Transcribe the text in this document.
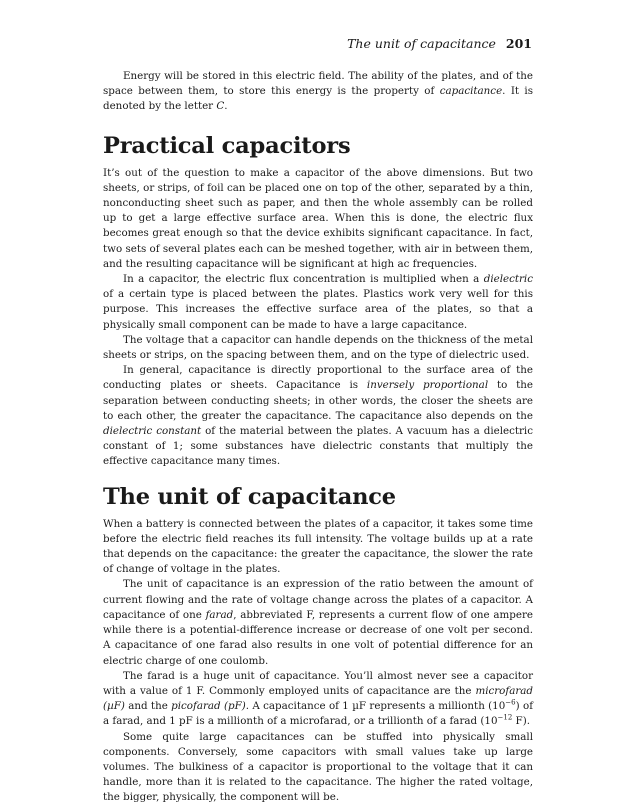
The unit of capacitance 201

Energy will be stored in this electric field. The ability of the plates, and of the space between them, to store this energy is the property of capacitance. It is denoted by the letter C.

Practical capacitors

It’s out of the question to make a capacitor of the above dimensions. But two sheets, or strips, of foil can be placed one on top of the other, separated by a thin, nonconducting sheet such as paper, and then the whole assembly can be rolled up to get a large effective surface area. When this is done, the electric flux becomes great enough so that the device exhibits significant capacitance. In fact, two sets of several plates each can be meshed together, with air in between them, and the resulting capacitance will be significant at high ac frequencies.

In a capacitor, the electric flux concentration is multiplied when a dielectric of a certain type is placed between the plates. Plastics work very well for this purpose. This increases the effective surface area of the plates, so that a physically small component can be made to have a large capacitance.

The voltage that a capacitor can handle depends on the thickness of the metal sheets or strips, on the spacing between them, and on the type of dielectric used.

In general, capacitance is directly proportional to the surface area of the conducting plates or sheets. Capacitance is inversely proportional to the separation between conducting sheets; in other words, the closer the sheets are to each other, the greater the capacitance. The capacitance also depends on the dielectric constant of the material between the plates. A vacuum has a dielectric constant of 1; some substances have dielectric constants that multiply the effective capacitance many times.

The unit of capacitance

When a battery is connected between the plates of a capacitor, it takes some time before the electric field reaches its full intensity. The voltage builds up at a rate that depends on the capacitance: the greater the capacitance, the slower the rate of change of voltage in the plates.

The unit of capacitance is an expression of the ratio between the amount of current flowing and the rate of voltage change across the plates of a capacitor. A capacitance of one farad, abbreviated F, represents a current flow of one ampere while there is a potential-difference increase or decrease of one volt per second. A capacitance of one farad also results in one volt of potential difference for an electric charge of one coulomb.

The farad is a huge unit of capacitance. You’ll almost never see a capacitor with a value of 1 F. Commonly employed units of capacitance are the microfarad (µF) and the picofarad (pF). A capacitance of 1 µF represents a millionth $(10^{-6})$ of a farad, and 1 pF is a millionth of a microfarad, or a trillionth of a farad ($10^{-12}$ F).

Some quite large capacitances can be stuffed into physically small components. Conversely, some capacitors with small values take up large volumes. The bulkiness of a capacitor is proportional to the voltage that it can handle, more than it is related to the capacitance. The higher the rated voltage, the bigger, physically, the component will be.
